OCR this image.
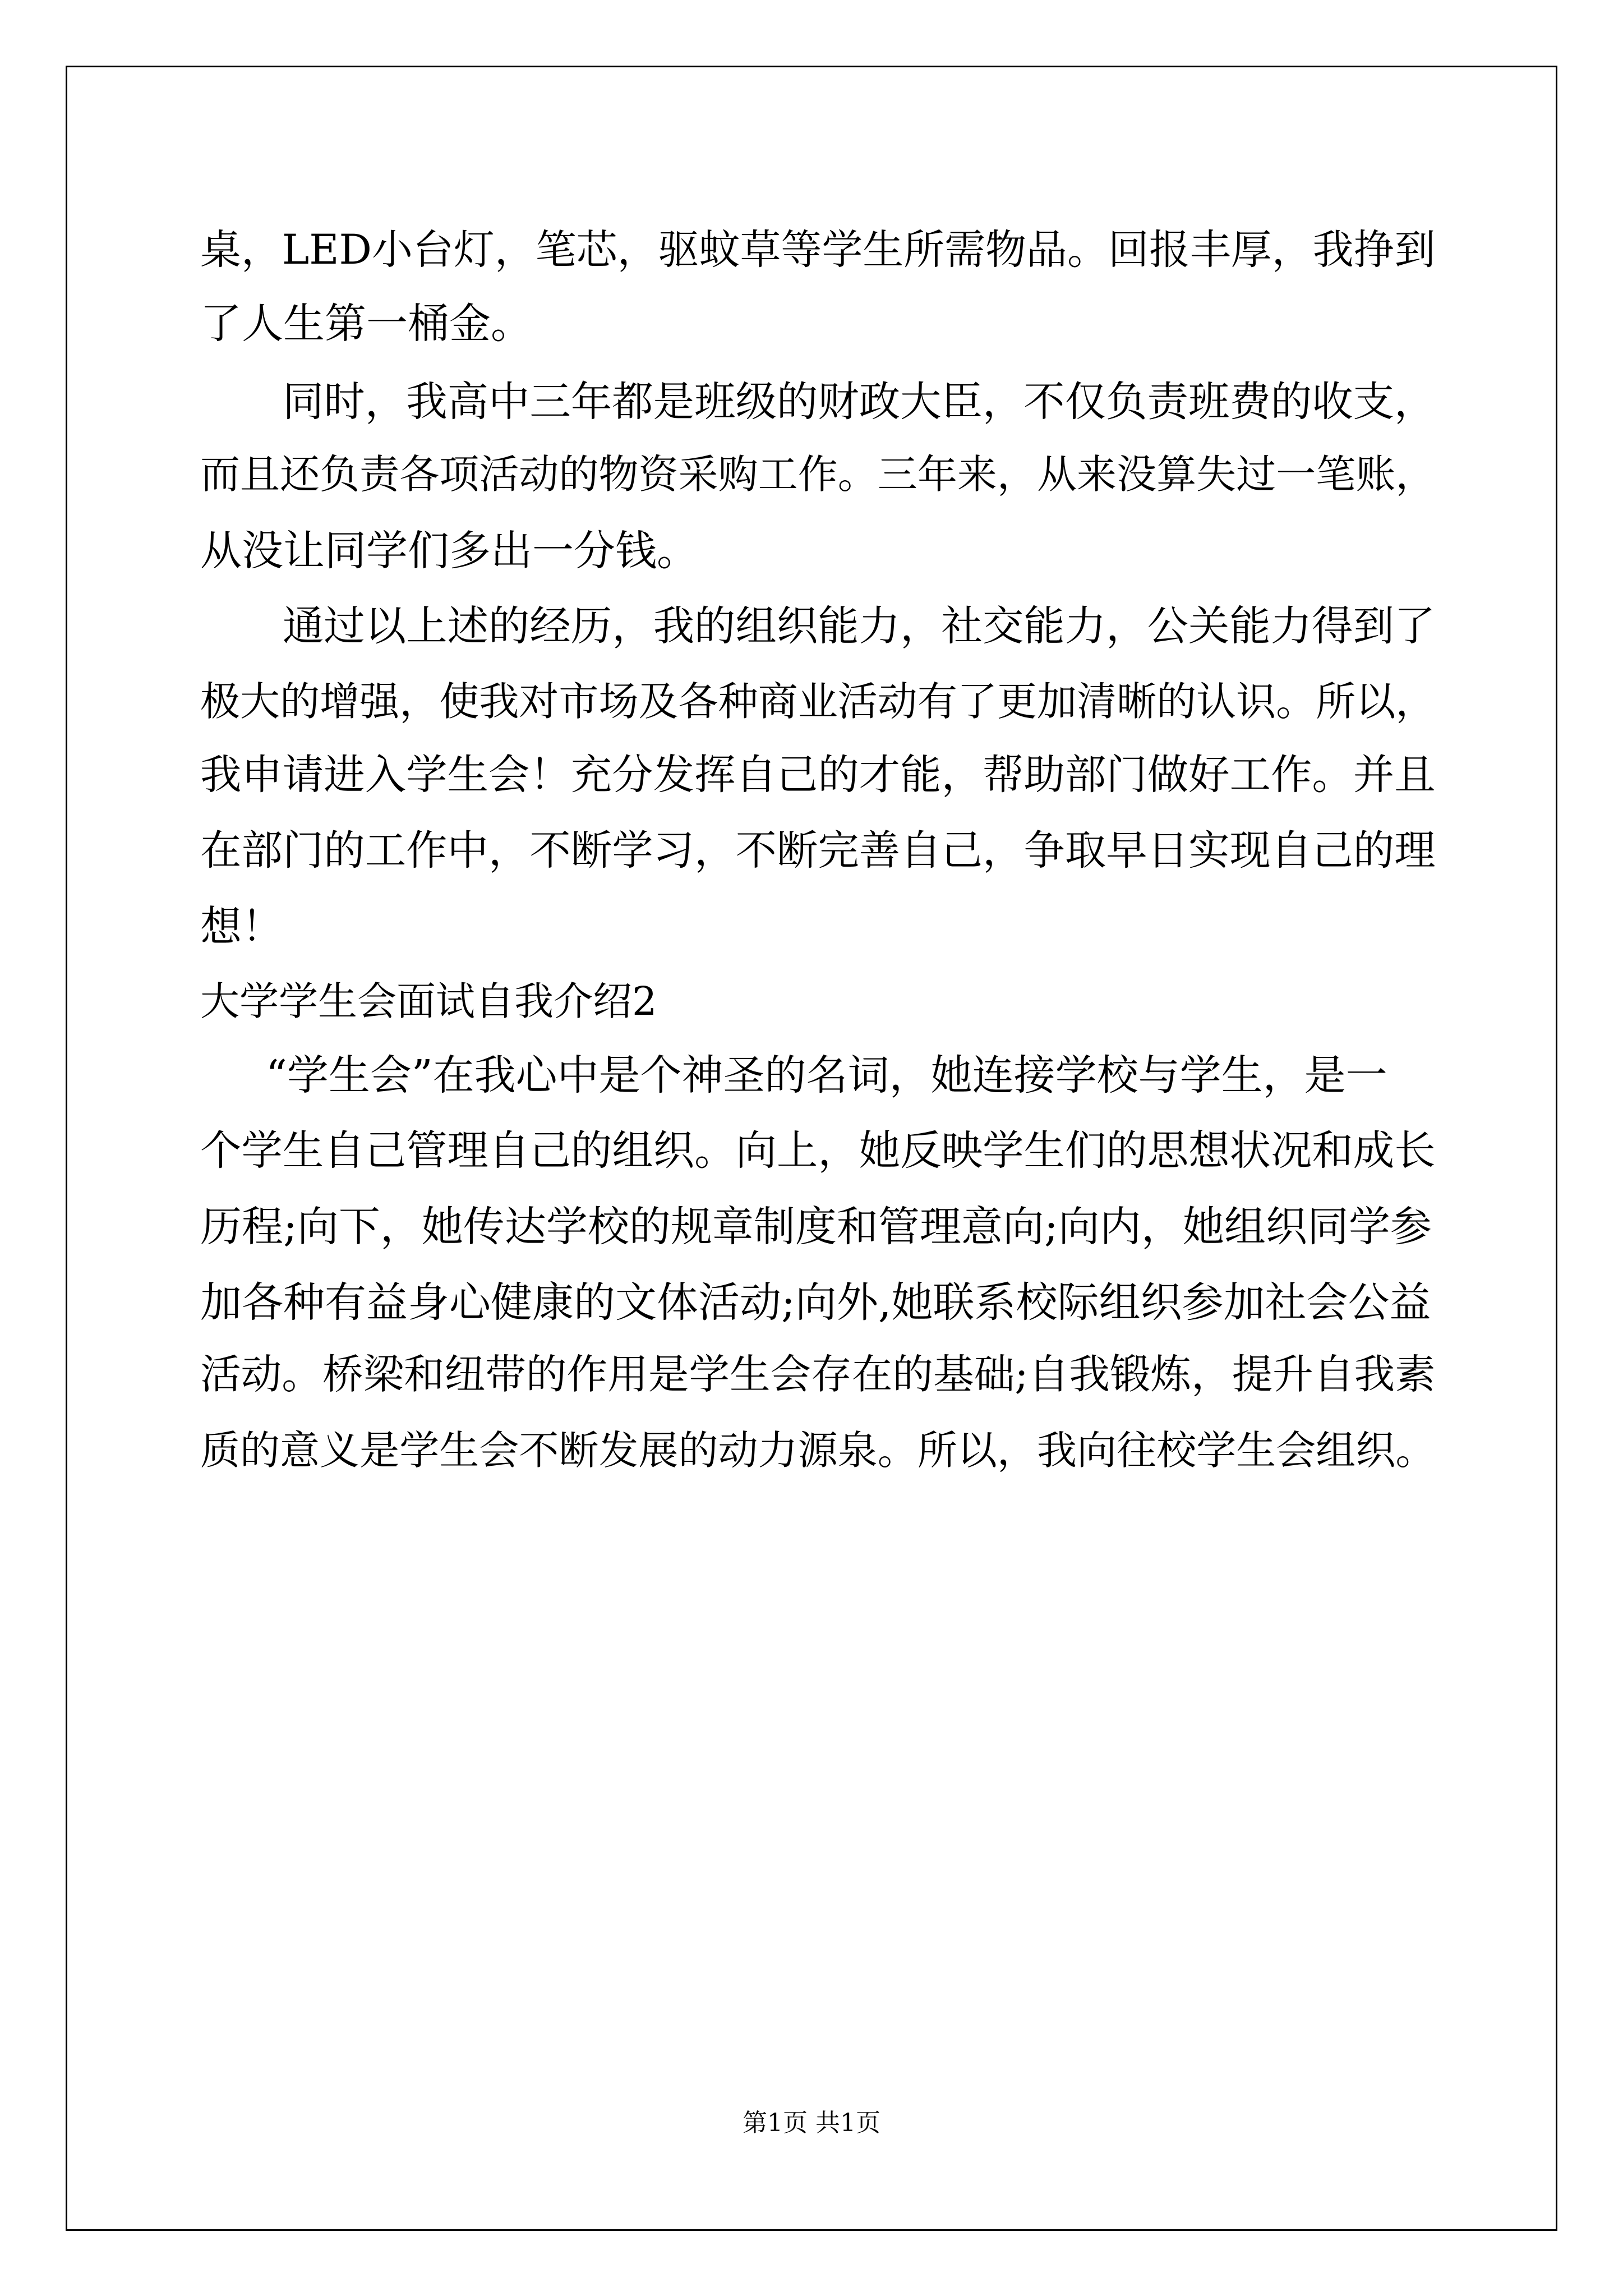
桌，LED小台灯，笔芯，驱蚊草等学生所需物品。回报丰厚，我挣到
了人生第一桶金。
同时，我高中三年都是班级的财政大臣，不仅负责班费的收支，
而且还负责各项活动的物资采购工作。三年来，从来没算失过一笔账，
从没让同学们多出一分钱。
通过以上述的经历，我的组织能力，社交能力，公关能力得到了
极大的增强，使我对市场及各种商业活动有了更加清晰的认识。所以，
我申请进入学生会！充分发挥自己的才能，帮助部门做好工作。并且
在部门的工作中，不断学习，不断完善自己，争取早日实现自己的理
想！
大学学生会面试自我介绍2
“学生会”在我心中是个神圣的名词，她连接学校与学生，是一
个学生自己管理自己的组织。向上，她反映学生们的思想状况和成长
历程;向下，她传达学校的规章制度和管理意向;向内，她组织同学参
加各种有益身心健康的文体活动;向外,她联系校际组织参加社会公益
活动。桥梁和纽带的作用是学生会存在的基础;自我锻炼，提升自我素
质的意义是学生会不断发展的动力源泉。所以，我向往校学生会组织。
第1页 共1页
